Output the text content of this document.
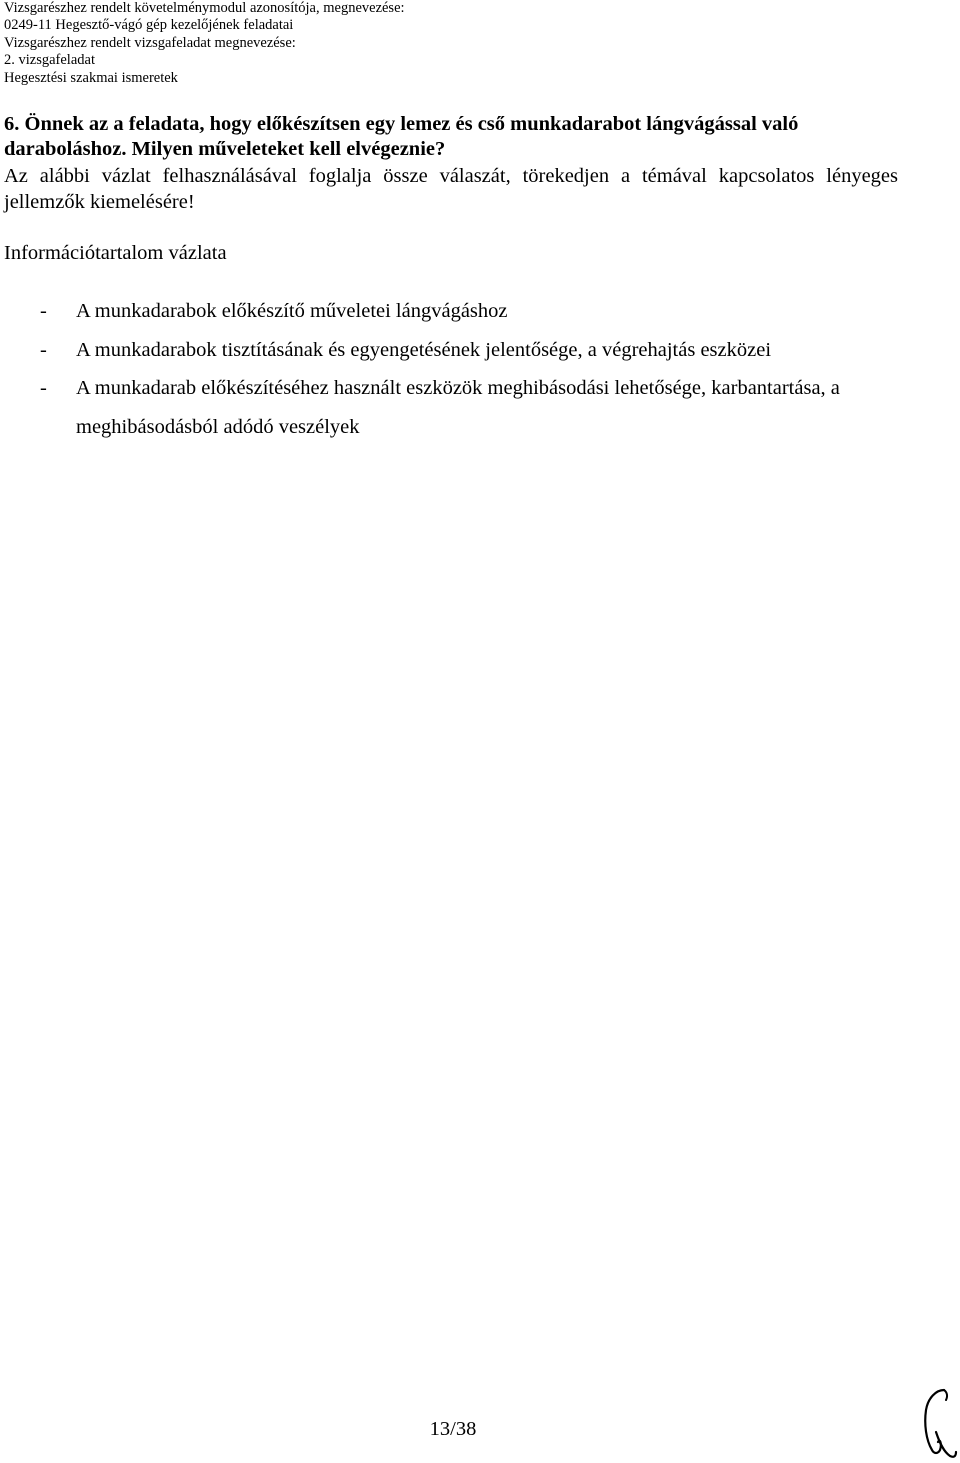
Vizsgarészhez rendelt követelménymodul azonosítója, megnevezése:
0249-11 Hegesztő-vágó gép kezelőjének feladatai
Vizsgarészhez rendelt vizsgafeladat megnevezése:
2. vizsgafeladat
Hegesztési szakmai ismeretek
6. Önnek az a feladata, hogy előkészítsen egy lemez és cső munkadarabot lángvágással való daraboláshoz. Milyen műveleteket kell elvégeznie?
Az alábbi vázlat felhasználásával foglalja össze válaszát, törekedjen a témával kapcsolatos lényeges jellemzők kiemelésére!
Információtartalom vázlata
- A munkadarabok előkészítő műveletei lángvágáshoz
- A munkadarabok tisztításának és egyengetésének jelentősége, a végrehajtás eszközei
- A munkadarab előkészítéséhez használt eszközök meghibásodási lehetősége, karbantartása, a meghibásodásból adódó veszélyek
13/38
